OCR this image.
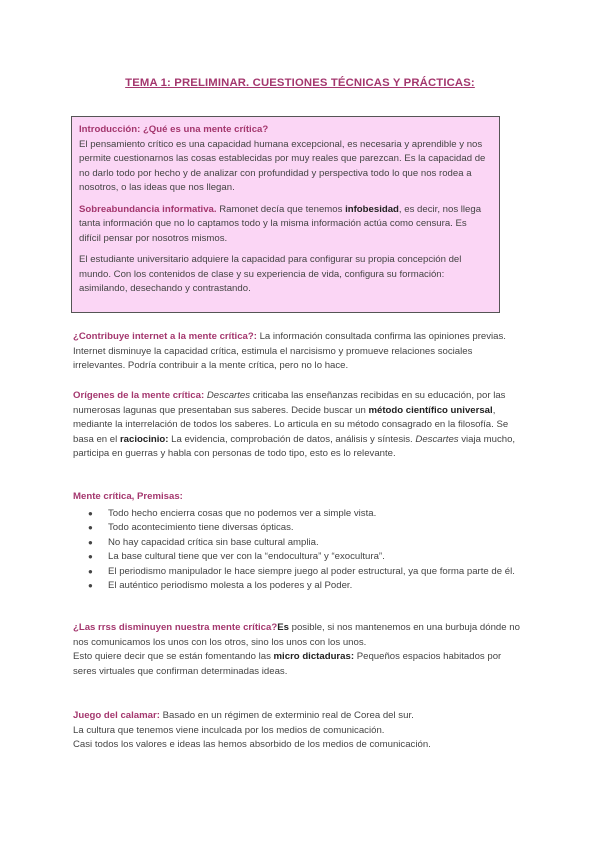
TEMA 1: PRELIMINAR. CUESTIONES TÉCNICAS Y PRÁCTICAS:

Introducción: ¿Qué es una mente crítica?
El pensamiento crítico es una capacidad humana excepcional, es necesaria y aprendible y nos permite cuestionarnos las cosas establecidas por muy reales que parezcan. Es la capacidad de no darlo todo por hecho y de analizar con profundidad y perspectiva todo lo que nos rodea a nosotros, o las ideas que nos llegan.

Sobreabundancia informativa. Ramonet decía que tenemos infobesidad, es decir, nos llega tanta información que no lo captamos todo y la misma información actúa como censura. Es difícil pensar por nosotros mismos.

El estudiante universitario adquiere la capacidad para configurar su propia concepción del mundo. Con los contenidos de clase y su experiencia de vida, configura su formación: asimilando, desechando y contrastando.

¿Contribuye internet a la mente crítica?: La información consultada confirma las opiniones previas. Internet disminuye la capacidad crítica, estimula el narcisismo y promueve relaciones sociales irrelevantes. Podría contribuir a la mente crítica, pero no lo hace.

Orígenes de la mente crítica: Descartes criticaba las enseñanzas recibidas en su educación, por las numerosas lagunas que presentaban sus saberes. Decide buscar un método científico universal, mediante la interrelación de todos los saberes. Lo articula en su método consagrado en la filosofía. Se basa en el raciocinio: La evidencia, comprobación de datos, análisis y síntesis. Descartes viaja mucho, participa en guerras y habla con personas de todo tipo, esto es lo relevante.

Mente crítica, Premisas:

● Todo hecho encierra cosas que no podemos ver a simple vista.
● Todo acontecimiento tiene diversas ópticas.
● No hay capacidad crítica sin base cultural amplia.
● La base cultural tiene que ver con la “endocultura” y “exocultura”.
● El periodismo manipulador le hace siempre juego al poder estructural, ya que forma parte de él.
● El auténtico periodismo molesta a los poderes y al Poder.

¿Las rrss disminuyen nuestra mente crítica?Es posible, si nos mantenemos en una burbuja dónde no nos comunicamos los unos con los otros, sino los unos con los unos.

Esto quiere decir que se están fomentando las micro dictaduras: Pequeños espacios habitados por seres virtuales que confirman determinadas ideas.

Juego del calamar: Basado en un régimen de exterminio real de Corea del sur.

La cultura que tenemos viene inculcada por los medios de comunicación.

Casi todos los valores e ideas las hemos absorbido de los medios de comunicación.
